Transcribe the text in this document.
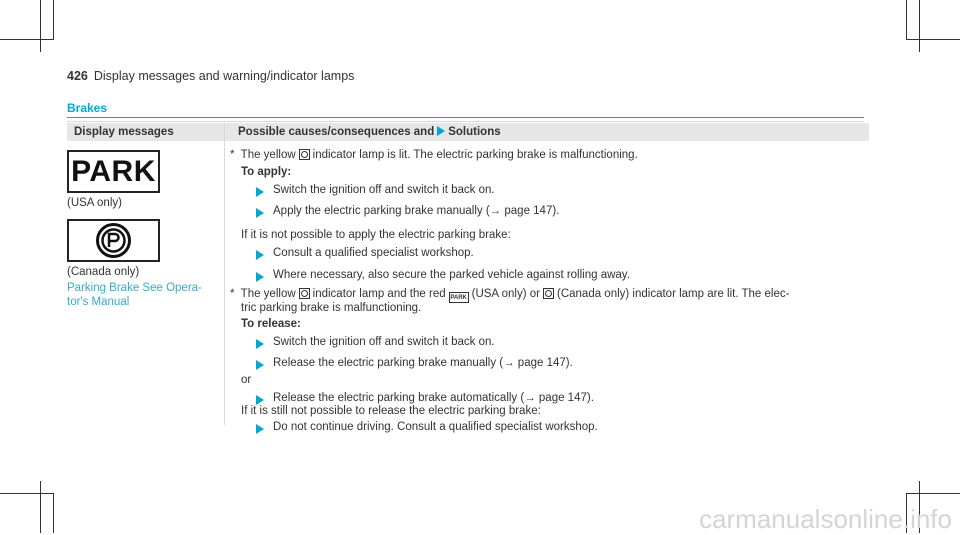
426 Display messages and warning/indicator lamps
Brakes
Display messages	Possible causes/consequences and Solutions
PARK
(USA only)
(Canada only)
Parking Brake See Opera-tor's Manual
* The yellow indicator lamp is lit. The electric parking brake is malfunctioning.
To apply:
Switch the ignition off and switch it back on.
Apply the electric parking brake manually (→ page 147).
If it is not possible to apply the electric parking brake:
Consult a qualified specialist workshop.
Where necessary, also secure the parked vehicle against rolling away.
* The yellow indicator lamp and the red PARK (USA only) or (Canada only) indicator lamp are lit. The elec-
tric parking brake is malfunctioning.
To release:
Switch the ignition off and switch it back on.
Release the electric parking brake manually (→ page 147).
or
Release the electric parking brake automatically (→ page 147).
If it is still not possible to release the electric parking brake:
Do not continue driving. Consult a qualified specialist workshop.
carmanualsonline.info
